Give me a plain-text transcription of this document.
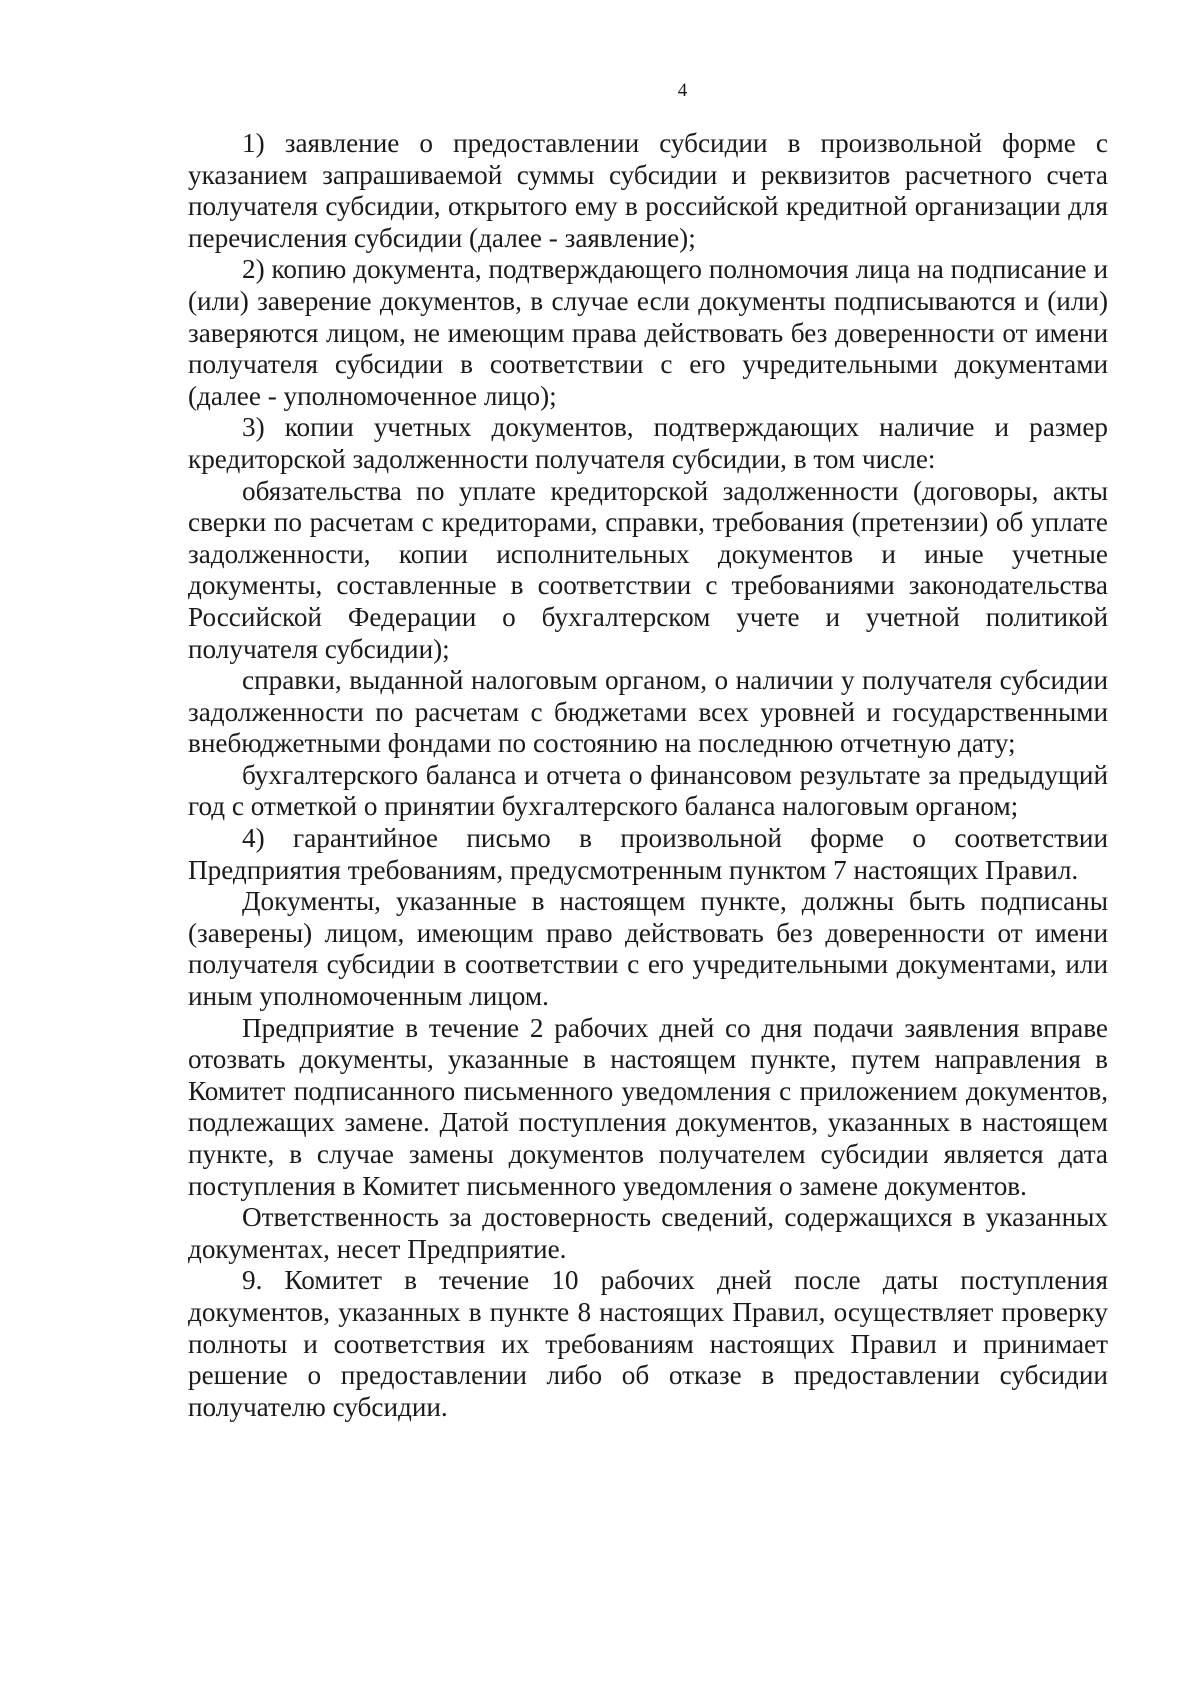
4

1) заявление о предоставлении субсидии в произвольной форме с указанием запрашиваемой суммы субсидии и реквизитов расчетного счета получателя субсидии, открытого ему в российской кредитной организации для перечисления субсидии (далее - заявление);

2) копию документа, подтверждающего полномочия лица на подписание и (или) заверение документов, в случае если документы подписываются и (или) заверяются лицом, не имеющим права действовать без доверенности от имени получателя субсидии в соответствии с его учредительными документами (далее - уполномоченное лицо);

3) копии учетных документов, подтверждающих наличие и размер кредиторской задолженности получателя субсидии, в том числе:

обязательства по уплате кредиторской задолженности (договоры, акты сверки по расчетам с кредиторами, справки, требования (претензии) об уплате задолженности, копии исполнительных документов и иные учетные документы, составленные в соответствии с требованиями законодательства Российской Федерации о бухгалтерском учете и учетной политикой получателя субсидии);

справки, выданной налоговым органом, о наличии у получателя субсидии задолженности по расчетам с бюджетами всех уровней и государственными внебюджетными фондами по состоянию на последнюю отчетную дату;

бухгалтерского баланса и отчета о финансовом результате за предыдущий год с отметкой о принятии бухгалтерского баланса налоговым органом;

4) гарантийное письмо в произвольной форме о соответствии Предприятия требованиям, предусмотренным пунктом 7 настоящих Правил.

Документы, указанные в настоящем пункте, должны быть подписаны (заверены) лицом, имеющим право действовать без доверенности от имени получателя субсидии в соответствии с его учредительными документами, или иным уполномоченным лицом.

Предприятие в течение 2 рабочих дней со дня подачи заявления вправе отозвать документы, указанные в настоящем пункте, путем направления в Комитет подписанного письменного уведомления с приложением документов, подлежащих замене. Датой поступления документов, указанных в настоящем пункте, в случае замены документов получателем субсидии является дата поступления в Комитет письменного уведомления о замене документов.

Ответственность за достоверность сведений, содержащихся в указанных документах, несет Предприятие.

9. Комитет в течение 10 рабочих дней после даты поступления документов, указанных в пункте 8 настоящих Правил, осуществляет проверку полноты и соответствия их требованиям настоящих Правил и принимает решение о предоставлении либо об отказе в предоставлении субсидии получателю субсидии.
